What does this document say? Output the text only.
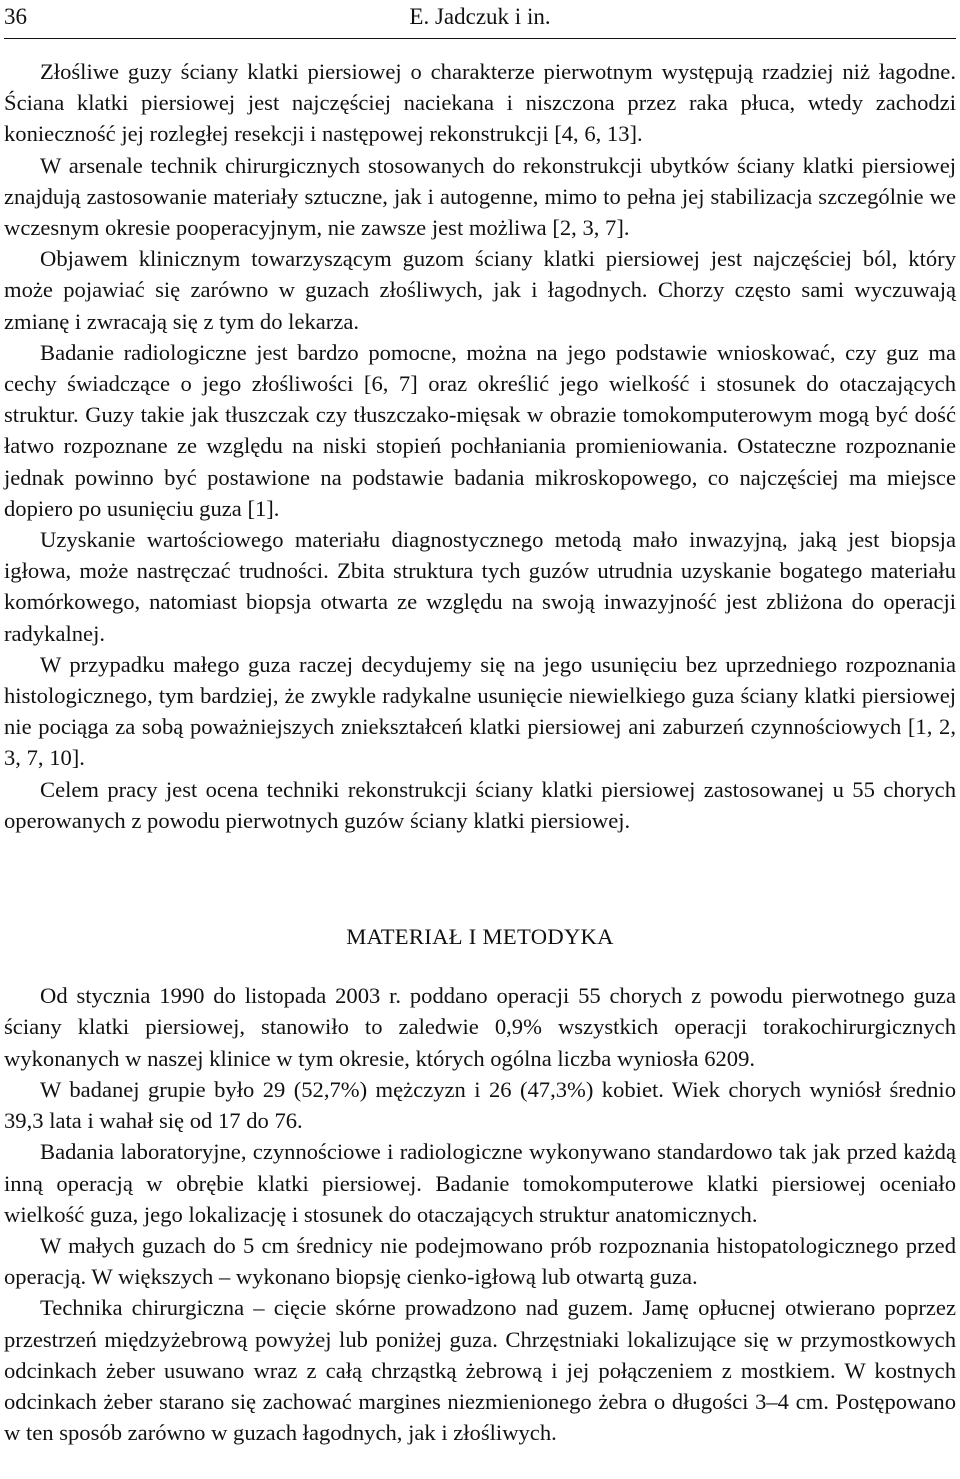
36	E. Jadczuk i in.

Złośliwe guzy ściany klatki piersiowej o charakterze pierwotnym występują rzadziej niż łagodne. Ściana klatki piersiowej jest najczęściej naciekana i niszczona przez raka płuca, wtedy zachodzi konieczność jej rozległej resekcji i następowej rekonstrukcji [4, 6, 13].

W arsenale technik chirurgicznych stosowanych do rekonstrukcji ubytków ściany klatki piersiowej znajdują zastosowanie materiały sztuczne, jak i autogenne, mimo to pełna jej stabilizacja szczególnie we wczesnym okresie pooperacyjnym, nie zawsze jest możliwa [2, 3, 7].

Objawem klinicznym towarzyszącym guzom ściany klatki piersiowej jest najczęściej ból, który może pojawiać się zarówno w guzach złośliwych, jak i łagodnych. Chorzy często sami wyczuwają zmianę i zwracają się z tym do lekarza.

Badanie radiologiczne jest bardzo pomocne, można na jego podstawie wnioskować, czy guz ma cechy świadczące o jego złośliwości [6, 7] oraz określić jego wielkość i stosunek do otaczających struktur. Guzy takie jak tłuszczak czy tłuszczako-mięsak w obrazie tomokomputerowym mogą być dość łatwo rozpoznane ze względu na niski stopień pochłaniania promieniowania. Ostateczne rozpoznanie jednak powinno być postawione na podstawie badania mikroskopowego, co najczęściej ma miejsce dopiero po usunięciu guza [1].

Uzyskanie wartościowego materiału diagnostycznego metodą mało inwazyjną, jaką jest biopsja igłowa, może nastręczać trudności. Zbita struktura tych guzów utrudnia uzyskanie bogatego materiału komórkowego, natomiast biopsja otwarta ze względu na swoją inwazyjność jest zbliżona do operacji radykalnej.

W przypadku małego guza raczej decydujemy się na jego usunięciu bez uprzedniego rozpoznania histologicznego, tym bardziej, że zwykle radykalne usunięcie niewielkiego guza ściany klatki piersiowej nie pociąga za sobą poważniejszych zniekształceń klatki piersiowej ani zaburzeń czynnościowych [1, 2, 3, 7, 10].

Celem pracy jest ocena techniki rekonstrukcji ściany klatki piersiowej zastosowanej u 55 chorych operowanych z powodu pierwotnych guzów ściany klatki piersiowej.

MATERIAŁ I METODYKA

Od stycznia 1990 do listopada 2003 r. poddano operacji 55 chorych z powodu pierwotnego guza ściany klatki piersiowej, stanowiło to zaledwie 0,9% wszystkich operacji torakochirurgicznych wykonanych w naszej klinice w tym okresie, których ogólna liczba wyniosła 6209.

W badanej grupie było 29 (52,7%) mężczyzn i 26 (47,3%) kobiet. Wiek chorych wyniósł średnio 39,3 lata i wahał się od 17 do 76.

Badania laboratoryjne, czynnościowe i radiologiczne wykonywano standardowo tak jak przed każdą inną operacją w obrębie klatki piersiowej. Badanie tomokomputerowe klatki piersiowej oceniało wielkość guza, jego lokalizację i stosunek do otaczających struktur anatomicznych.

W małych guzach do 5 cm średnicy nie podejmowano prób rozpoznania histopatologicznego przed operacją. W większych – wykonano biopsję cienko-igłową lub otwartą guza.

Technika chirurgiczna – cięcie skórne prowadzono nad guzem. Jamę opłucnej otwierano poprzez przestrzeń międzyżebrową powyżej lub poniżej guza. Chrzęstniaki lokalizujące się w przymostkowych odcinkach żeber usuwano wraz z całą chrząstką żebrową i jej połączeniem z mostkiem. W kostnych odcinkach żeber starano się zachować margines niezmienionego żebra o długości 3–4 cm. Postępowano w ten sposób zarówno w guzach łagodnych, jak i złośliwych.
